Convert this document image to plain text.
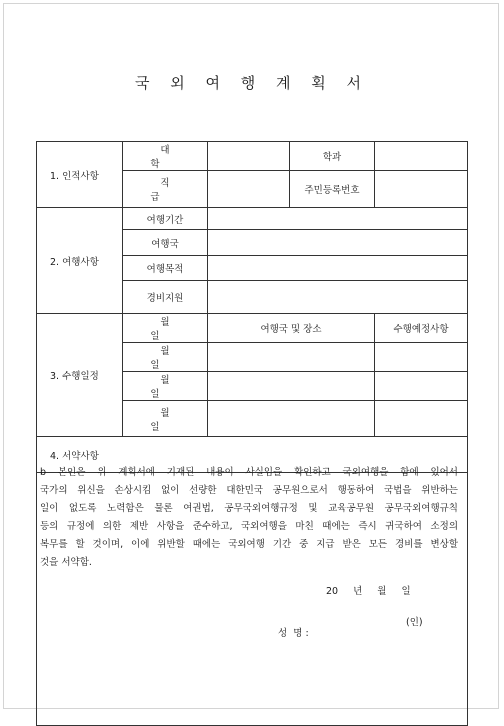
국 외 여 행 계 획 서
1. 인적사항	대 학		학과	
	직 급		주민등록번호	
2. 여행사항	여행기간			
	여행국			
	여행목적			
	경비지원			
3. 수행일정	월 일	여행국 및 장소		수행예정사항
	월 일			
	월 일			
	월 일			
4. 서약사항				

b 본인은 위 계획서에 기재된 내용이 사실임을 확인하고 국외여행을 함에 있어서

국가의 위신을 손상시킴 없이 선량한 대한민국 공무원으로서 행동하여 국법을 위반하는

일이 없도록 노력함은 물론 여권법, 공무국외여행규정 및 교육공무원 공무국외여행규칙

등의 규정에 의한 제반 사항을 준수하고, 국외여행을 마친 때에는 즉시 귀국하여 소정의

복무를 할 것이며, 이에 위반할 때에는 국외여행 기간 중 지급 받은 모든 경비를 변상할

것을 서약함.

20 년 월 일

성  명 :

(인)
